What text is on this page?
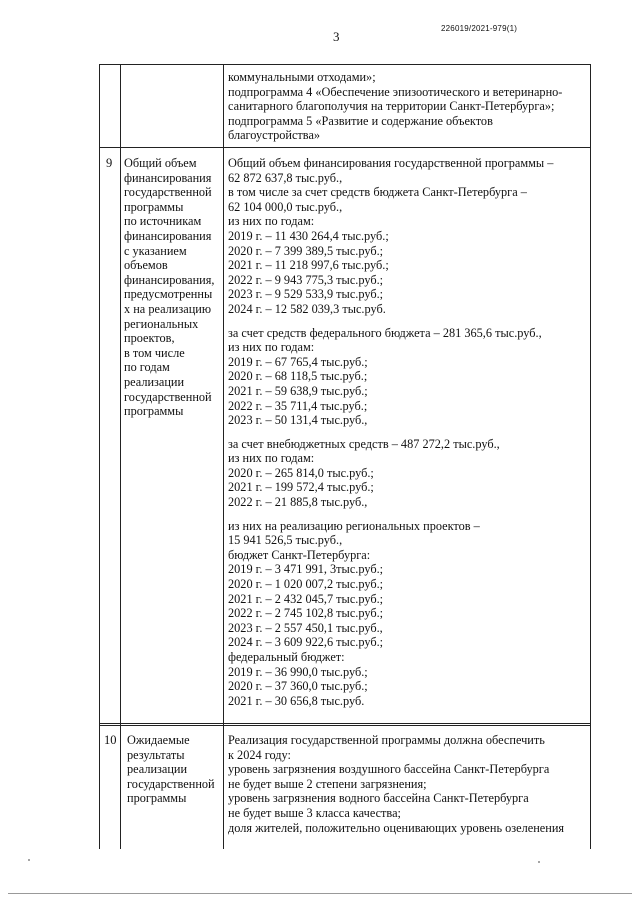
3
226019/2021-979(1)
коммунальными отходами»;
подпрограмма 4 «Обеспечение эпизоотического и ветеринарно-
санитарного благополучия на территории Санкт-Петербурга»;
подпрограмма 5 «Развитие и содержание объектов
благоустройства»
9 Общий объем
финансирования
государственной
программы
по источникам
финансирования
с указанием
объемов
финансирования,
предусмотренны
х на реализацию
региональных
проектов,
в том числе
по годам
реализации
государственной
программы
Общий объем финансирования государственной программы –
62 872 637,8 тыс.руб.,
в том числе за счет средств бюджета Санкт-Петербурга –
62 104 000,0 тыс.руб.,
из них по годам:
2019 г. – 11 430 264,4 тыс.руб.;
2020 г. – 7 399 389,5 тыс.руб.;
2021 г. – 11 218 997,6 тыс.руб.;
2022 г. – 9 943 775,3 тыс.руб.;
2023 г. – 9 529 533,9 тыс.руб.;
2024 г. – 12 582 039,3 тыс.руб.
за счет средств федерального бюджета – 281 365,6 тыс.руб.,
из них по годам:
2019 г. – 67 765,4 тыс.руб.;
2020 г. – 68 118,5 тыс.руб.;
2021 г. – 59 638,9 тыс.руб.;
2022 г. – 35 711,4 тыс.руб.;
2023 г. – 50 131,4 тыс.руб.,
за счет внебюджетных средств – 487 272,2 тыс.руб.,
из них по годам:
2020 г. – 265 814,0 тыс.руб.;
2021 г. – 199 572,4 тыс.руб.;
2022 г. – 21 885,8 тыс.руб.,
из них на реализацию региональных проектов –
15 941 526,5 тыс.руб.,
бюджет Санкт-Петербурга:
2019 г. – 3 471 991, 3тыс.руб.;
2020 г. – 1 020 007,2 тыс.руб.;
2021 г. – 2 432 045,7 тыс.руб.;
2022 г. – 2 745 102,8 тыс.руб.;
2023 г. – 2 557 450,1 тыс.руб.,
2024 г. – 3 609 922,6 тыс.руб.;
федеральный бюджет:
2019 г. – 36 990,0 тыс.руб.;
2020 г. – 37 360,0 тыс.руб.;
2021 г. – 30 656,8 тыс.руб.
10 Ожидаемые
результаты
реализации
государственной
программы
Реализация государственной программы должна обеспечить
к 2024 году:
уровень загрязнения воздушного бассейна Санкт-Петербурга
не будет выше 2 степени загрязнения;
уровень загрязнения водного бассейна Санкт-Петербурга
не будет выше 3 класса качества;
доля жителей, положительно оценивающих уровень озеленения
